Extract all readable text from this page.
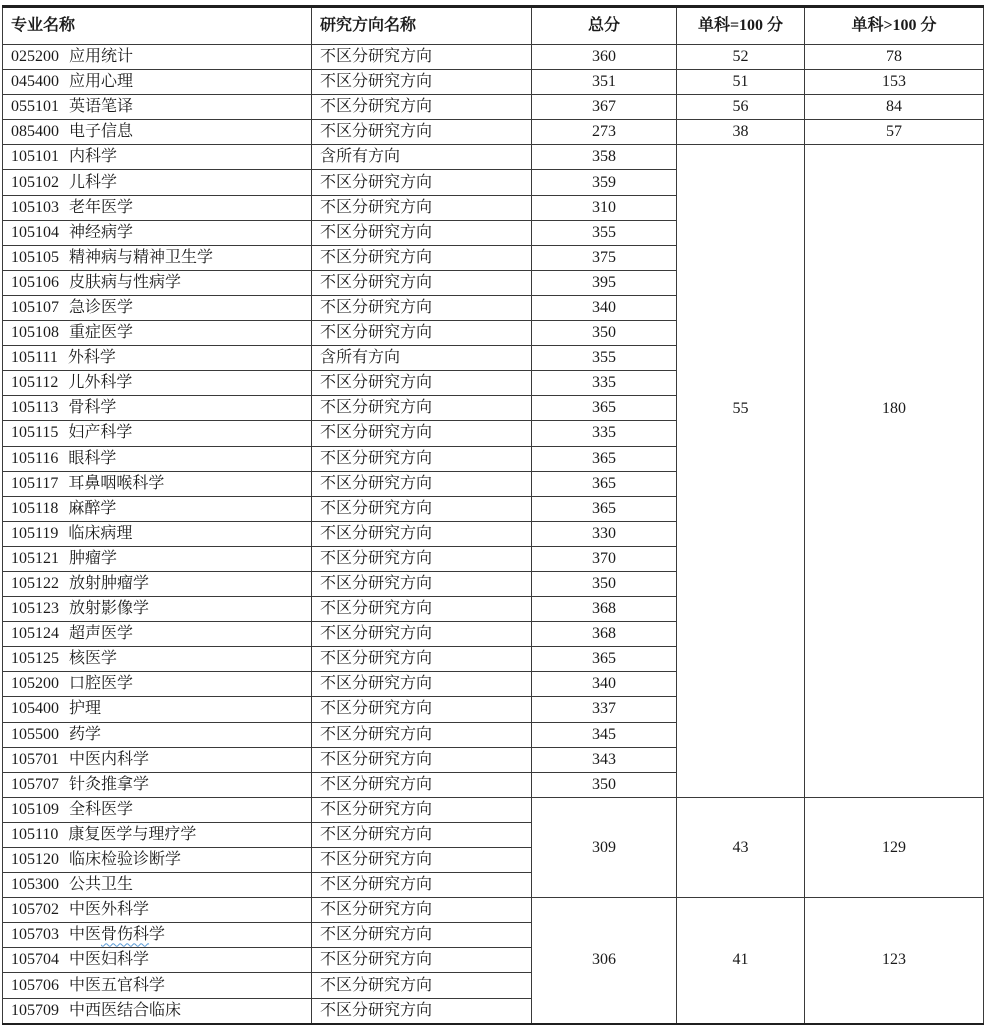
专业名称	研究方向名称	总分	单科=100 分	单科>100 分
025200 应用统计	不区分研究方向	360	52	78
045400 应用心理	不区分研究方向	351	51	153
055101 英语笔译	不区分研究方向	367	56	84
085400 电子信息	不区分研究方向	273	38	57
105101 内科学	含所有方向	358	55	180
105102 儿科学	不区分研究方向	359		
105103 老年医学	不区分研究方向	310		
105104 神经病学	不区分研究方向	355		
105105 精神病与精神卫生学	不区分研究方向	375		
105106 皮肤病与性病学	不区分研究方向	395		
105107 急诊医学	不区分研究方向	340		
105108 重症医学	不区分研究方向	350		
105111 外科学	含所有方向	355		
105112 儿外科学	不区分研究方向	335		
105113 骨科学	不区分研究方向	365		
105115 妇产科学	不区分研究方向	335		
105116 眼科学	不区分研究方向	365		
105117 耳鼻咽喉科学	不区分研究方向	365		
105118 麻醉学	不区分研究方向	365		
105119 临床病理	不区分研究方向	330		
105121 肿瘤学	不区分研究方向	370		
105122 放射肿瘤学	不区分研究方向	350		
105123 放射影像学	不区分研究方向	368		
105124 超声医学	不区分研究方向	368		
105125 核医学	不区分研究方向	365		
105200 口腔医学	不区分研究方向	340		
105400 护理	不区分研究方向	337		
105500 药学	不区分研究方向	345		
105701 中医内科学	不区分研究方向	343		
105707 针灸推拿学	不区分研究方向	350		
105109 全科医学	不区分研究方向	309	43	129
105110 康复医学与理疗学	不区分研究方向			
105120 临床检验诊断学	不区分研究方向			
105300 公共卫生	不区分研究方向			
105702 中医外科学	不区分研究方向	306	41	123
105703 中医骨伤科学	不区分研究方向			
105704 中医妇科学	不区分研究方向			
105706 中医五官科学	不区分研究方向			
105709 中西医结合临床	不区分研究方向			
